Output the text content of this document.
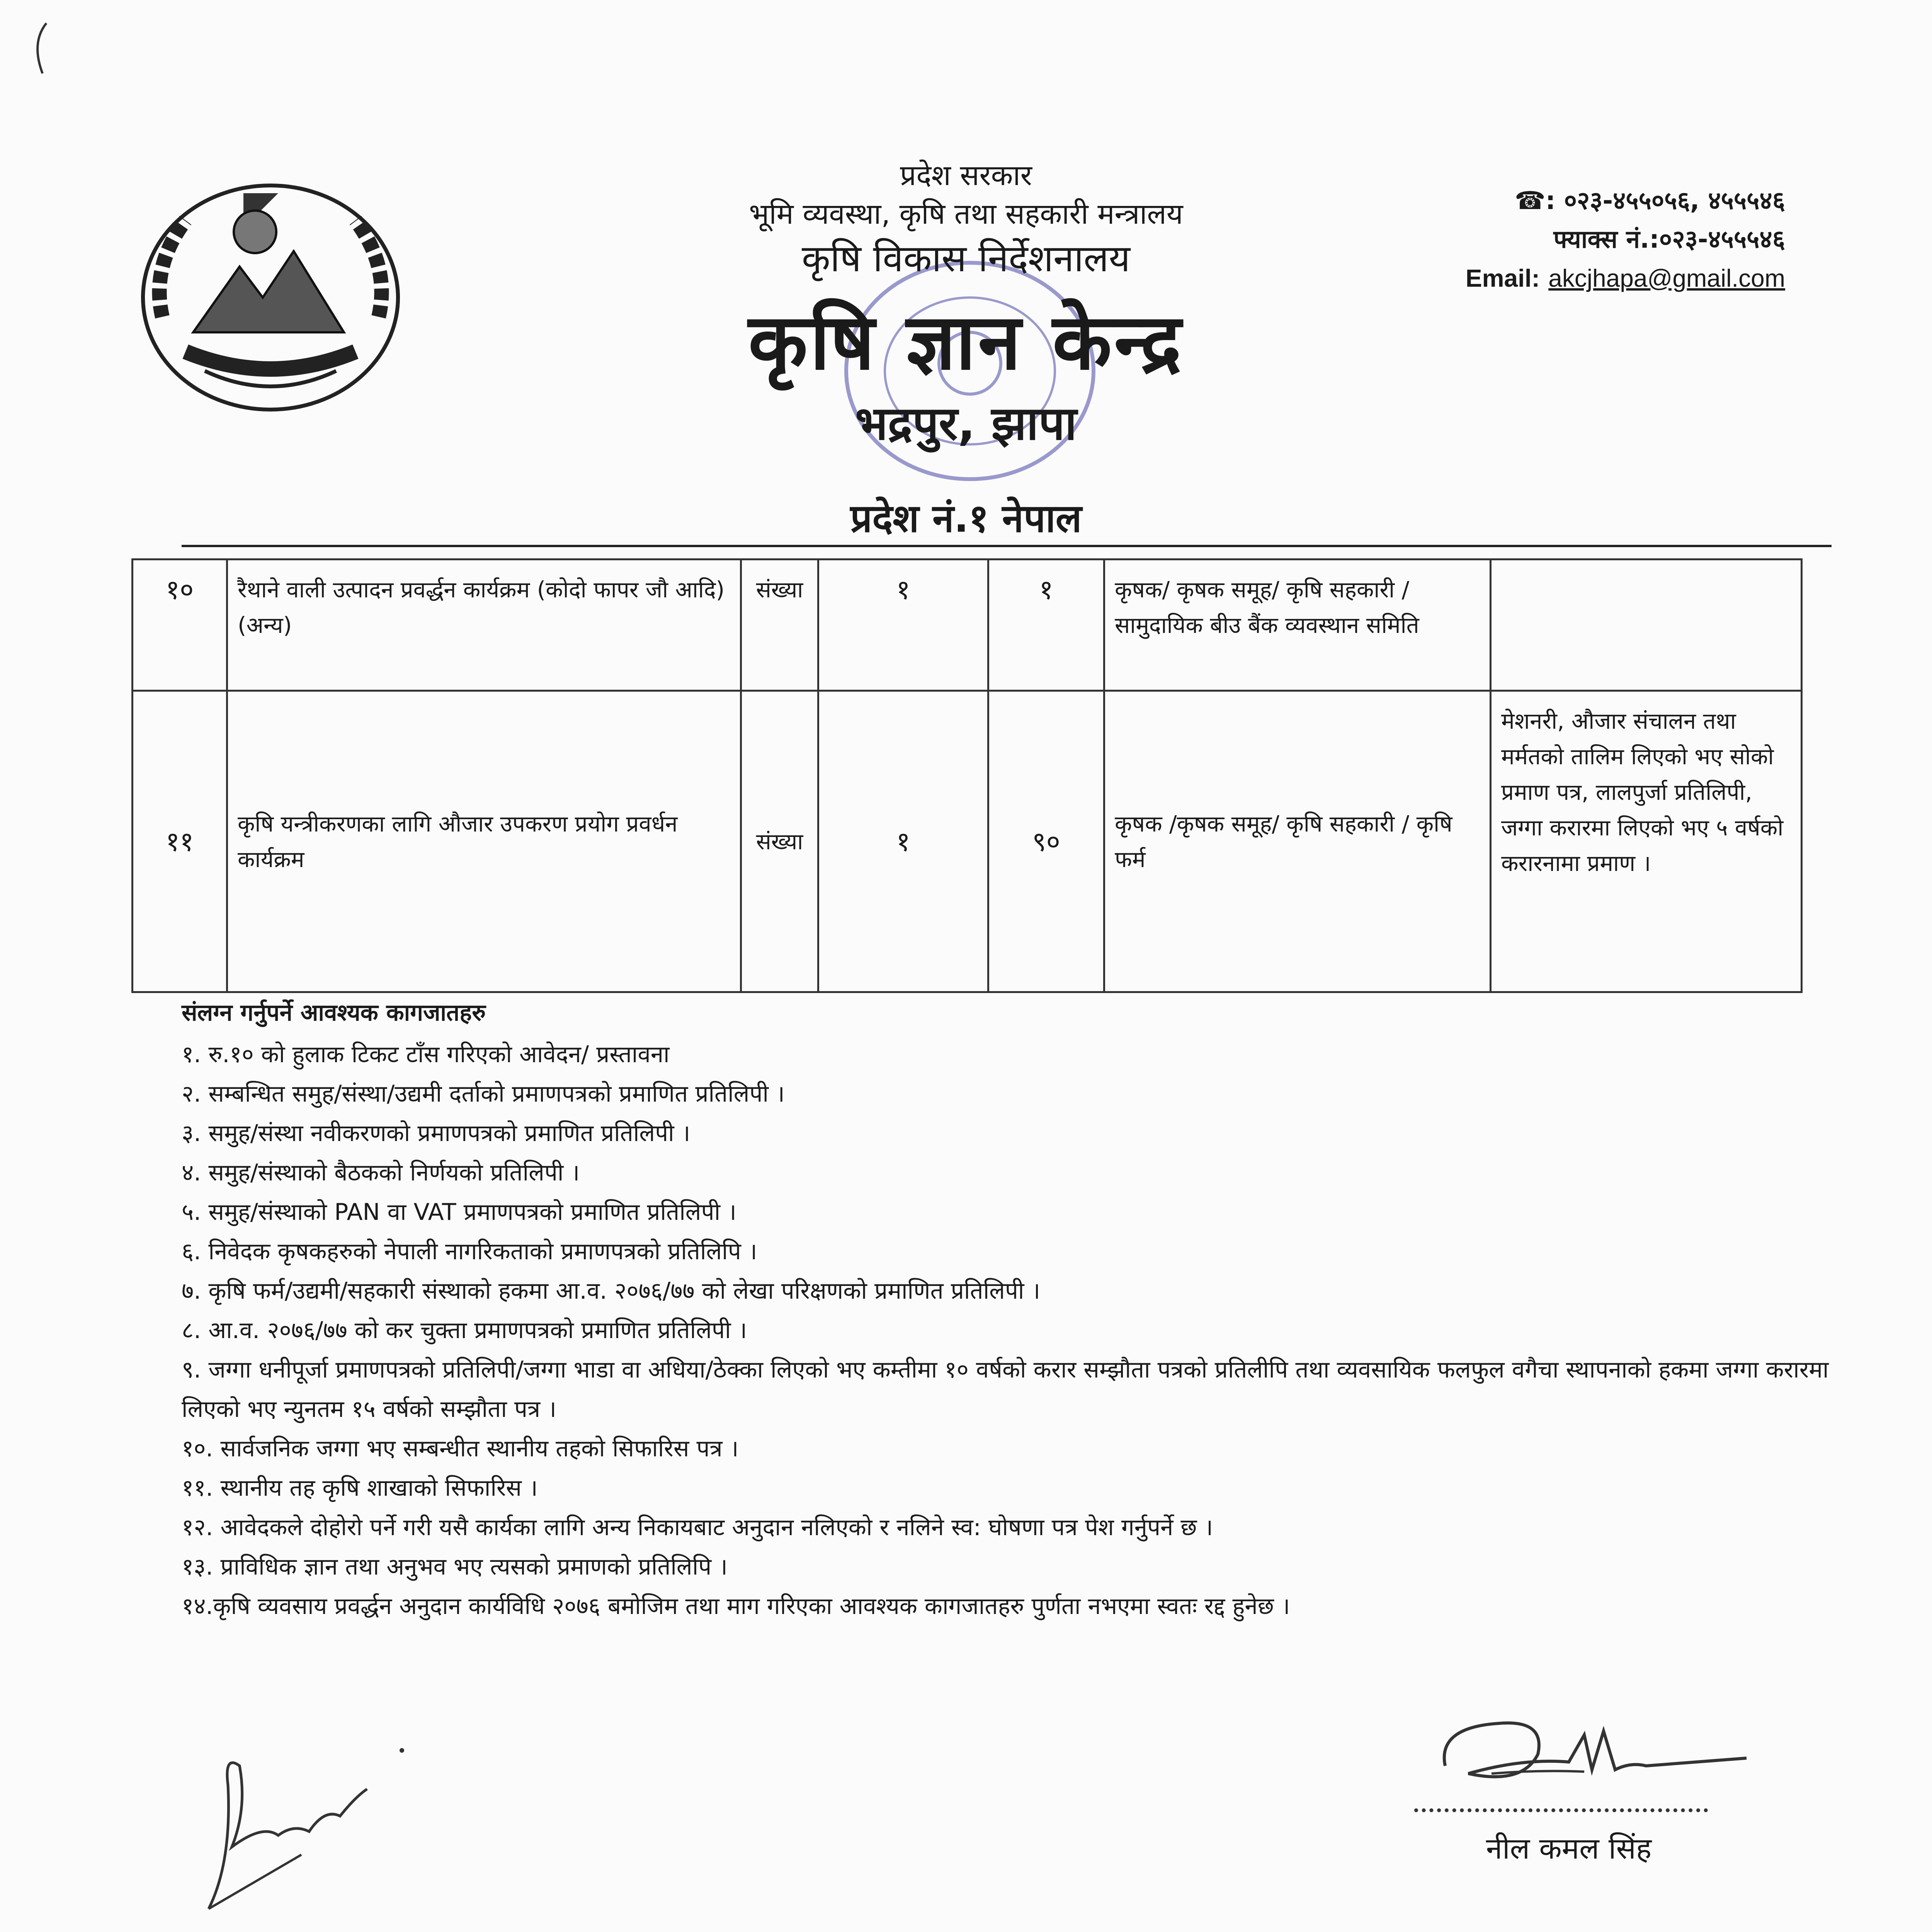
प्रदेश सरकार
भूमि व्यवस्था, कृषि तथा सहकारी मन्त्रालय
कृषि विकास निर्देशनालय
कृषि ज्ञान केन्द्र
भद्रपुर, झापा
प्रदेश नं.१ नेपाल
☎: ०२३-४५५०५६, ४५५५४६
फ्याक्स नं.:०२३-४५५५४६
Email: akcjhapa@gmail.com
१०	रैथाने वाली उत्पादन प्रवर्द्धन कार्यक्रम (कोदो फापर जौ आदि)(अन्य)	संख्या	१	१	कृषक/ कृषक समूह/ कृषि सहकारी / सामुदायिक बीउ बैंक व्यवस्थान समिति	
११	कृषि यन्त्रीकरणका लागि औजार उपकरण प्रयोग प्रवर्धन कार्यक्रम	संख्या	१	९०	कृषक /कृषक समूह/ कृषि सहकारी / कृषि फर्म	मेशनरी, औजार संचालन तथा मर्मतको तालिम लिएको भए सोको प्रमाण पत्र, लालपुर्जा प्रतिलिपी, जग्गा करारमा लिएको भए ५ वर्षको करारनामा प्रमाण ।
संलग्न गर्नुपर्ने आवश्यक कागजातहरु
१. रु.१० को हुलाक टिकट टाँस गरिएको आवेदन/ प्रस्तावना
२. सम्बन्धित समुह/संस्था/उद्यमी दर्ताको प्रमाणपत्रको प्रमाणित प्रतिलिपी ।
३. समुह/संस्था नवीकरणको प्रमाणपत्रको प्रमाणित प्रतिलिपी ।
४. समुह/संस्थाको बैठकको निर्णयको प्रतिलिपी ।
५. समुह/संस्थाको PAN वा VAT प्रमाणपत्रको प्रमाणित प्रतिलिपी ।
६. निवेदक कृषकहरुको नेपाली नागरिकताको प्रमाणपत्रको प्रतिलिपि ।
७. कृषि फर्म/उद्यमी/सहकारी संस्थाको हकमा आ.व. २०७६/७७ को लेखा परिक्षणको प्रमाणित प्रतिलिपी ।
८. आ.व. २०७६/७७ को कर चुक्ता प्रमाणपत्रको प्रमाणित प्रतिलिपी ।
९. जग्गा धनीपूर्जा प्रमाणपत्रको प्रतिलिपी/जग्गा भाडा वा अधिया/ठेक्का लिएको भए कम्तीमा १० वर्षको करार सम्झौता पत्रको प्रतिलीपि तथा व्यवसायिक फलफुल वगैचा स्थापनाको हकमा जग्गा करारमा लिएको भए न्युनतम १५ वर्षको सम्झौता पत्र ।
१०. सार्वजनिक जग्गा भए सम्बन्धीत स्थानीय तहको सिफारिस पत्र ।
११. स्थानीय तह कृषि शाखाको सिफारिस ।
१२. आवेदकले दोहोरो पर्ने गरी यसै कार्यका लागि अन्य निकायबाट अनुदान नलिएको र नलिने स्व: घोषणा पत्र पेश गर्नुपर्ने छ ।
१३. प्राविधिक ज्ञान तथा अनुभव भए त्यसको प्रमाणको प्रतिलिपि ।
१४.कृषि व्यवसाय प्रवर्द्धन अनुदान कार्यविधि २०७६ बमोजिम तथा माग गरिएका आवश्यक कागजातहरु पुर्णता नभएमा स्वतः रद्द हुनेछ ।
नील कमल सिंह
